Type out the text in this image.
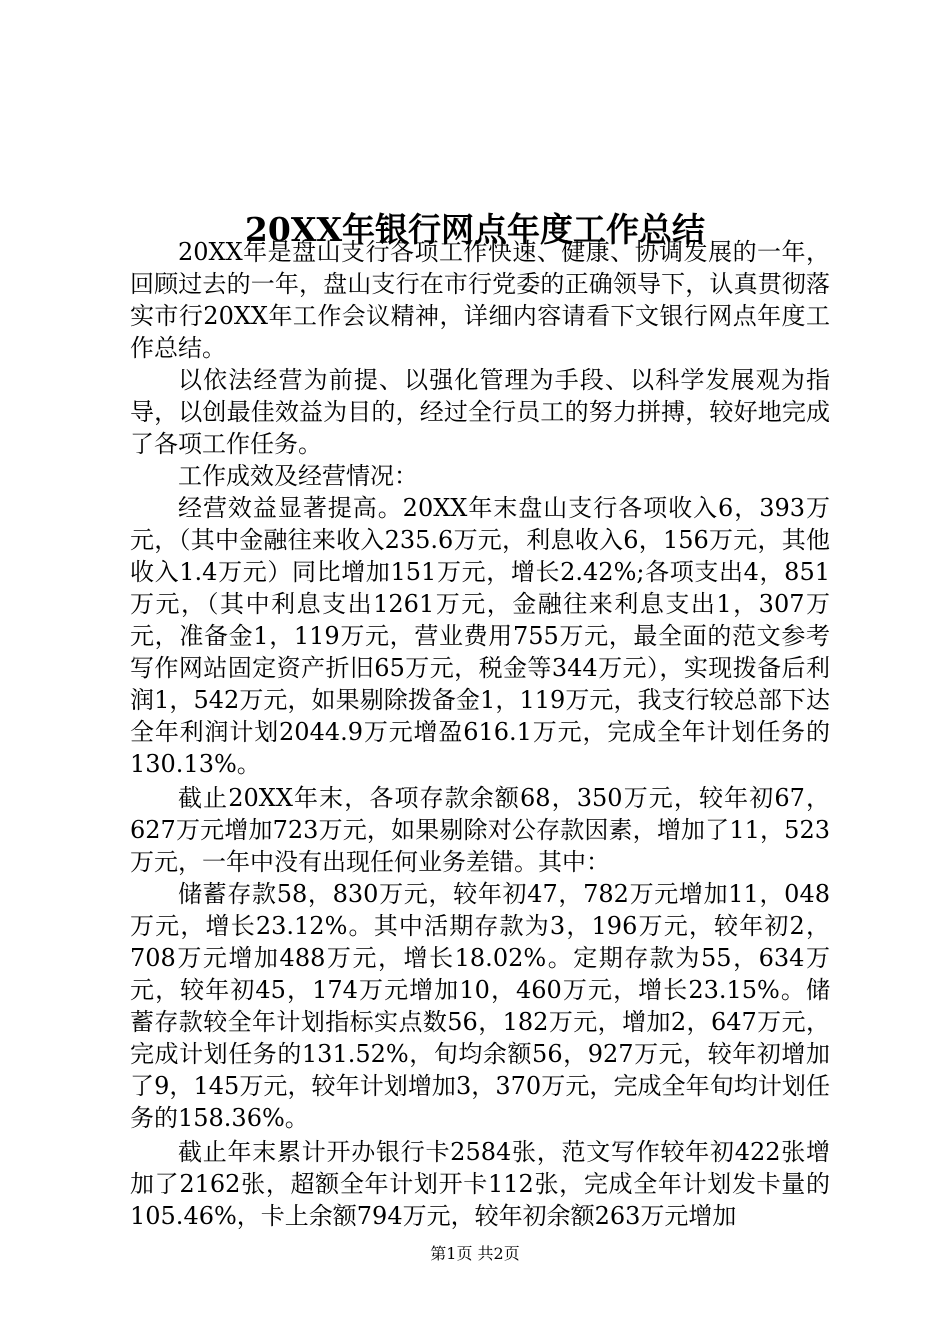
20XX年银行网点年度工作总结

20XX年是盘山支行各项工作快速、健康、协调发展的一年，回顾过去的一年，盘山支行在市行党委的正确领导下，认真贯彻落实市行20XX年工作会议精神，详细内容请看下文银行网点年度工作总结。

以依法经营为前提、以强化管理为手段、以科学发展观为指导，以创最佳效益为目的，经过全行员工的努力拼搏，较好地完成了各项工作任务。

工作成效及经营情况：

经营效益显著提高。20XX年末盘山支行各项收入6，393万元，（其中金融往来收入235.6万元，利息收入6，156万元，其他收入1.4万元）同比增加151万元，增长2.42%;各项支出4，851万元，（其中利息支出1261万元，金融往来利息支出1，307万元，准备金1，119万元，营业费用755万元，最全面的范文参考写作网站固定资产折旧65万元，税金等344万元），实现拨备后利润1，542万元，如果剔除拨备金1，119万元，我支行较总部下达全年利润计划2044.9万元增盈616.1万元，完成全年计划任务的130.13%。

截止20XX年末，各项存款余额68，350万元，较年初67，627万元增加723万元，如果剔除对公存款因素，增加了11，523万元，一年中没有出现任何业务差错。其中：

储蓄存款58，830万元，较年初47，782万元增加11，048万元，增长23.12%。其中活期存款为3，196万元，较年初2，708万元增加488万元，增长18.02%。定期存款为55，634万元，较年初45，174万元增加10，460万元，增长23.15%。储蓄存款较全年计划指标实点数56，182万元，增加2，647万元，完成计划任务的131.52%，旬均余额56，927万元，较年初增加了9，145万元，较年计划增加3，370万元，完成全年旬均计划任务的158.36%。

截止年末累计开办银行卡2584张，范文写作较年初422张增加了2162张，超额全年计划开卡112张，完成全年计划发卡量的105.46%，卡上余额794万元，较年初余额263万元增加

第1页 共2页
